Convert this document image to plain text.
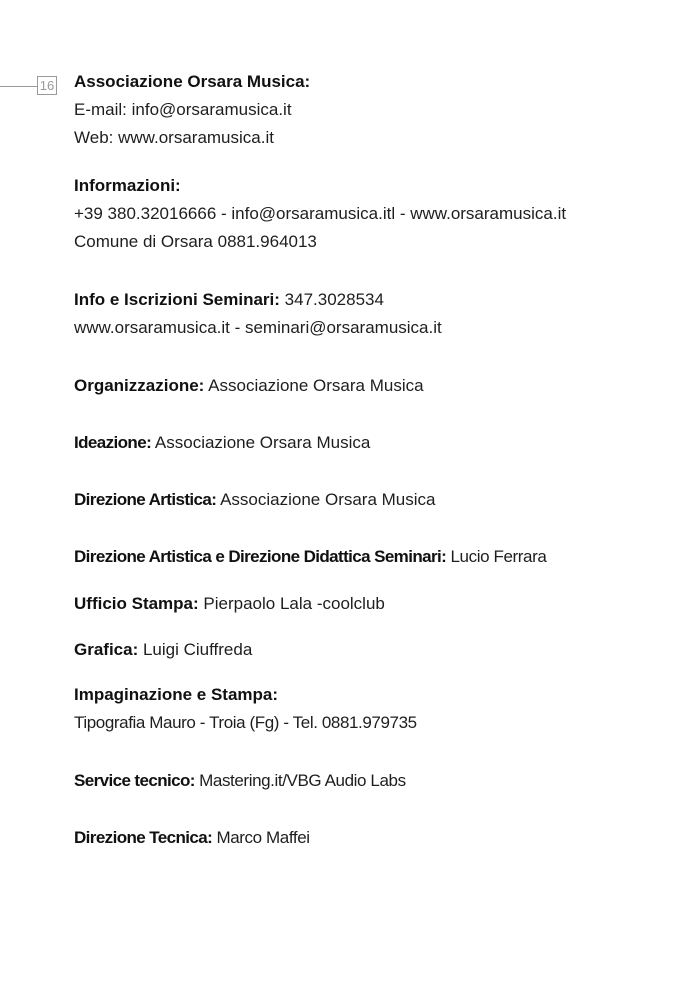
16 Associazione Orsara Musica:
E-mail: info@orsaramusica.it
Web: www.orsaramusica.it
Informazioni:
+39 380.32016666 - info@orsaramusica.itl - www.orsaramusica.it
Comune di Orsara 0881.964013
Info e Iscrizioni Seminari: 347.3028534
www.orsaramusica.it - seminari@orsaramusica.it
Organizzazione: Associazione Orsara Musica
Ideazione: Associazione Orsara Musica
Direzione Artistica: Associazione Orsara Musica
Direzione Artistica e Direzione Didattica Seminari: Lucio Ferrara
Ufficio Stampa: Pierpaolo Lala -coolclub
Grafica: Luigi Ciuffreda
Impaginazione e Stampa:
Tipografia Mauro - Troia (Fg) - Tel. 0881.979735
Service tecnico: Mastering.it/VBG Audio Labs
Direzione Tecnica: Marco Maffei
